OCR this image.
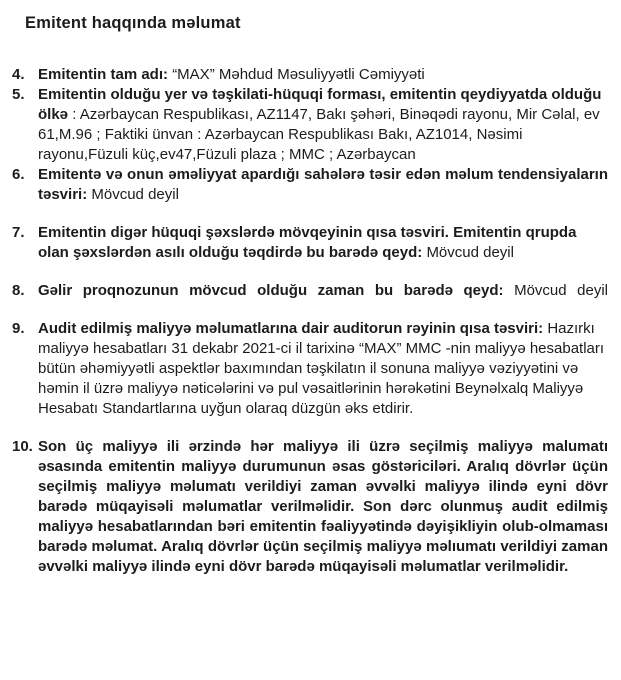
Emitent haqqında məlumat
4. Emitentin tam adı: “MAX” Məhdud Məsuliyyətli Cəmiyyəti
5. Emitentin olduğu yer və təşkilati-hüquqi forması, emitentin qeydiyyatda olduğu ölkə : Azərbaycan Respublikası, AZ1147, Bakı şəhəri, Binəqədi rayonu, Mir Cəlal, ev 61,M.96 ; Faktiki ünvan : Azərbaycan Respublikası Bakı, AZ1014, Nəsimi rayonu,Füzuli küç,ev47,Füzuli plaza ; MMC ; Azərbaycan
6. Emitentə və onun əməliyyat apardığı sahələrə təsir edən məlum tendensiyaların təsviri: Mövcud deyil
7. Emitentin digər hüquqi şəxslərdə mövqeyinin qısa təsviri. Emitentin qrupda olan şəxslərdən asılı olduğu təqdirdə bu barədə qeyd: Mövcud deyil
8. Gəlir proqnozunun mövcud olduğu zaman bu barədə qeyd: Mövcud deyil
9. Audit edilmiş maliyyə məlumatlarına dair auditorun rəyinin qısa təsviri: Hazırkı maliyyə hesabatları 31 dekabr 2021-ci il tarixinə “MAX” MMC -nin maliyyə hesabatları bütün əhəmiyyətli aspektlər baxımından təşkilatın il sonuna maliyyə vəziyyətini və həmin il üzrə maliyyə nəticələrini və pul vəsaitlərinin hərəkətini Beynəlxalq Maliyyə Hesabatı Standartlarına uyğun olaraq düzgün əks etdirir.
10. Son üç maliyyə ili ərzində hər maliyyə ili üzrə seçilmiş maliyyə malumatı əsasında emitentin maliyyə durumunun əsas göstəriciləri. Aralıq dövrlər üçün seçilmiş maliyyə məlumatı verildiyi zaman əvvəlki maliyyə ilində eyni dövr barədə müqayisəli məlumatlar verilməlidir. Son dərc olunmuş audit edilmiş maliyyə hesabatlarından bəri emitentin fəaliyyətində dəyişikliyin olub-olmaması barədə məlumat. Aralıq dövrlər üçün seçilmiş maliyyə məlıumatı verildiyi zaman əvvəlki maliyyə ilində eyni dövr barədə müqayisəli məlumatlar verilməlidir.
